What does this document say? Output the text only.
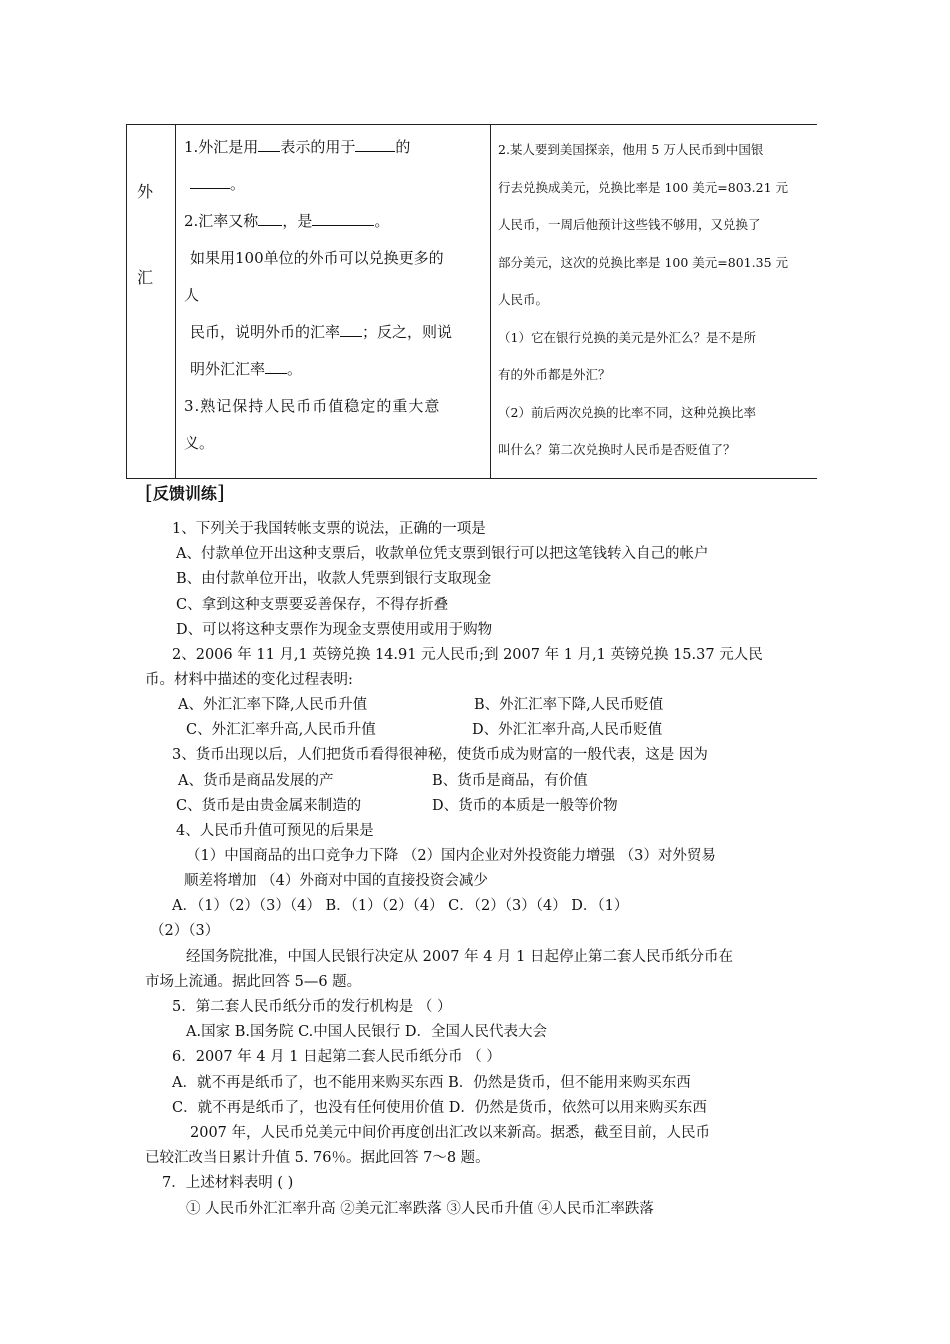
外
汇
1.外汇是用 表示的用于	的
。
2.汇率又称 ，是	。
如果用100单位的外币可以兑换更多的
人
民币，说明外币的汇率 ；反之，则说
明外汇汇率 。
3.熟记保持人民币币值稳定的重大意
义。
2.某人要到美国探亲，他用 5 万人民币到中国银
行去兑换成美元，兑换比率是 100 美元=803.21 元
人民币，一周后他预计这些钱不够用，又兑换了
部分美元，这次的兑换比率是 100 美元=801.35 元
人民币。
（1）它在银行兑换的美元是外汇么？是不是所
有的外币都是外汇？
（2）前后两次兑换的比率不同，这种兑换比率
叫什么？第二次兑换时人民币是否贬值了？
[反馈训练]
1、下列关于我国转帐支票的说法，正确的一项是
A、付款单位开出这种支票后，收款单位凭支票到银行可以把这笔钱转入自己的帐户
B、由付款单位开出，收款人凭票到银行支取现金
C、拿到这种支票要妥善保存，不得存折叠
D、可以将这种支票作为现金支票使用或用于购物
2、2006 年 11 月,1 英镑兑换 14.91 元人民币;到 2007 年 1 月,1 英镑兑换 15.37 元人民
币。材料中描述的变化过程表明:
A、外汇汇率下降,人民币升值	B、外汇汇率下降,人民币贬值
C、外汇汇率升高,人民币升值	D、外汇汇率升高,人民币贬值
3、货币出现以后，人们把货币看得很神秘，使货币成为财富的一般代表，这是 因为
A、货币是商品发展的产	B、货币是商品，有价值
C、货币是由贵金属来制造的	D、货币的本质是一般等价物
4、人民币升值可预见的后果是
（1）中国商品的出口竞争力下降 （2）国内企业对外投资能力增强 （3）对外贸易
顺差将增加 （4）外商对中国的直接投资会减少
A．（1）（2）（3）（4） B．（1）（2）（4） C．（2）（3）（4） D．（1）
（2）（3）
经国务院批准，中国人民银行决定从 2007 年 4 月 1 日起停止第二套人民币纸分币在
市场上流通。据此回答 5—6 题。
5．第二套人民币纸分币的发行机构是 （ ）
A.国家 B.国务院 C.中国人民银行 D．全国人民代表大会
6．2007 年 4 月 1 日起第二套人民币纸分币 （ ）
A．就不再是纸币了，也不能用来购买东西 B．仍然是货币，但不能用来购买东西
C．就不再是纸币了，也没有任何使用价值 D．仍然是货币，依然可以用来购买东西
2007 年，人民币兑美元中间价再度创出汇改以来新高。据悉，截至目前，人民币
已较汇改当日累计升值 5. 76％。据此回答 7～8 题。
7．上述材料表明 ( )
① 人民币外汇汇率升高 ②美元汇率跌落 ③人民币升值 ④人民币汇率跌落
